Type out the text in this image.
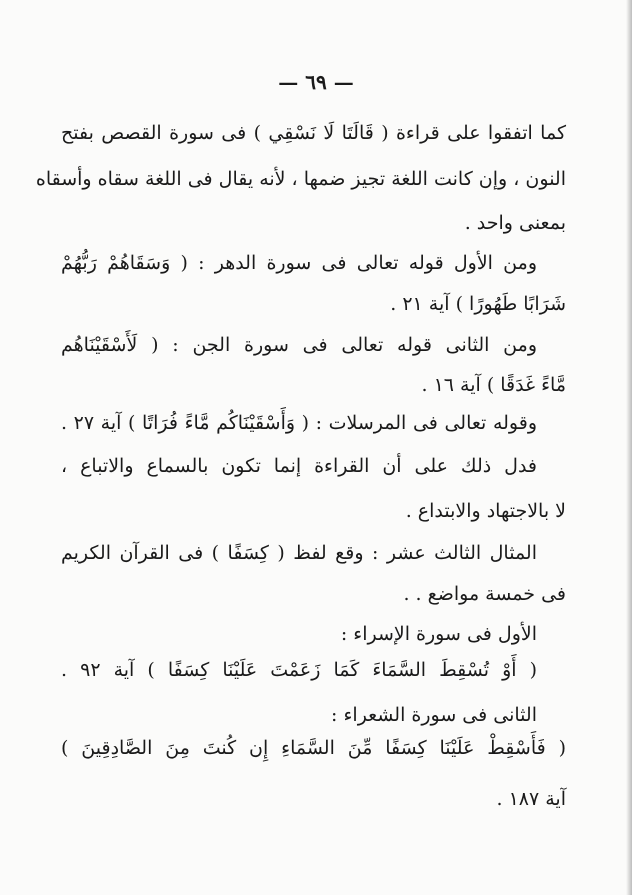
— ٦٩ —
كما اتفقوا على قراءة ( قَالَتَا لَا نَسْقِي ) فى سورة القصص بفتح
النون ، وإن كانت اللغة تجيز ضمها ، لأنه يقال فى اللغة سقاه وأسقاه
بمعنى واحد .
ومن الأول قوله تعالى فى سورة الدهر : ( وَسَقَاهُمْ رَبُّهُمْ
شَرَابًا طَهُورًا ) آية ٢١ .
ومن الثانى قوله تعالى فى سورة الجن : ( لَأَسْقَيْنَاهُم
مَّاءً غَدَقًا ) آية ١٦ .
وقوله تعالى فى المرسلات : ( وَأَسْقَيْنَاكُم مَّاءً فُرَاتًا ) آية ٢٧ .
فدل ذلك على أن القراءة إنما تكون بالسماع والاتباع ،
لا بالاجتهاد والابتداع .
المثال الثالث عشر : وقع لفظ ( كِسَفًا ) فى القرآن الكريم
فى خمسة مواضع . .
الأول فى سورة الإسراء :
( أَوْ تُسْقِطَ السَّمَاءَ كَمَا زَعَمْتَ عَلَيْنَا كِسَفًا ) آية ٩٢ .
الثانى فى سورة الشعراء :
( فَأَسْقِطْ عَلَيْنَا كِسَفًا مِّنَ السَّمَاءِ إِن كُنتَ مِنَ الصَّادِقِينَ )
آية ١٨٧ .
